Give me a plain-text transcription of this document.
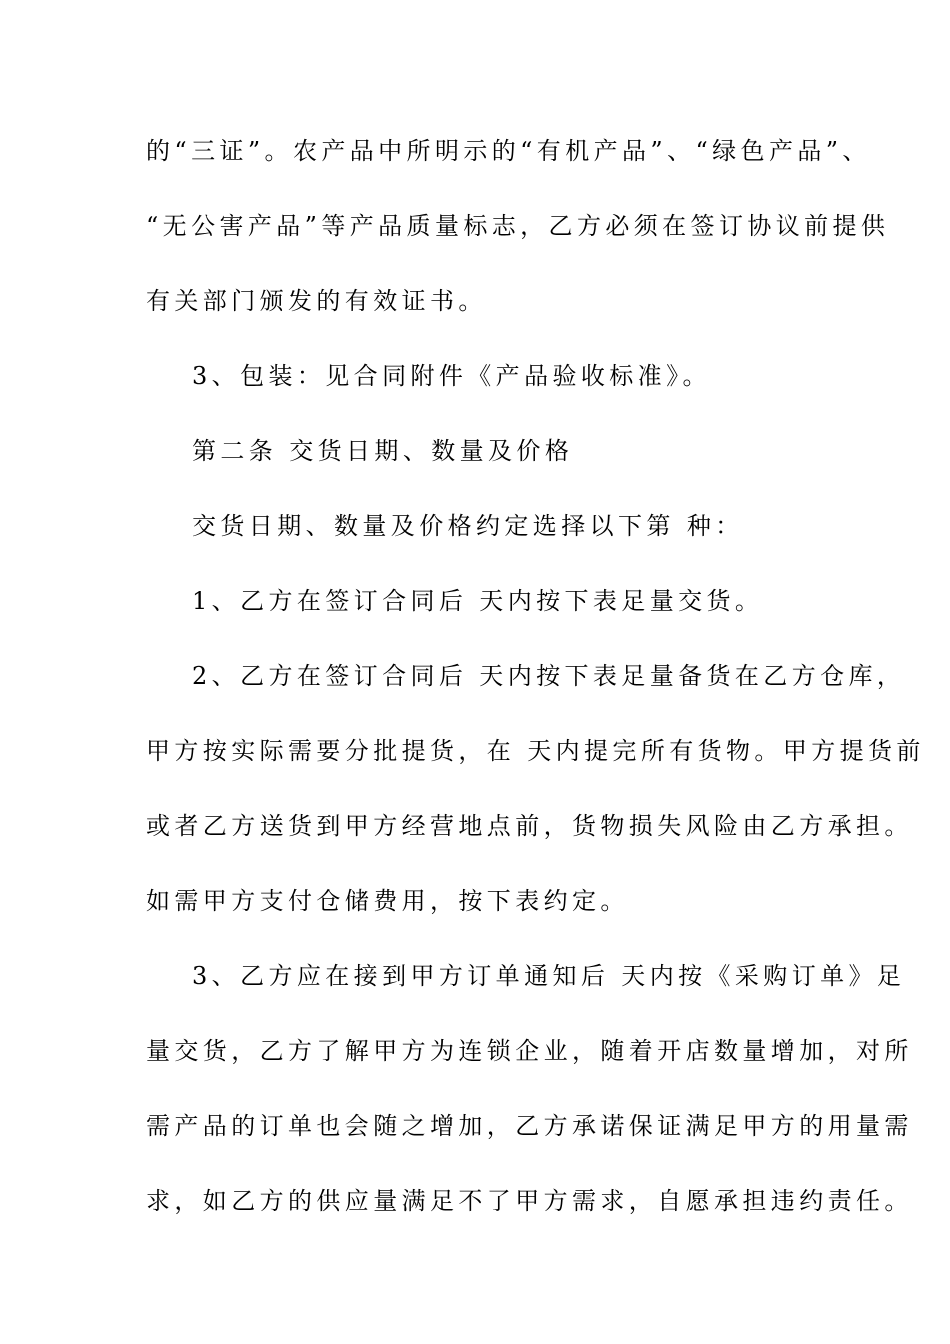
的“三证”。农产品中所明示的“有机产品”、“绿色产品”、
“无公害产品”等产品质量标志，乙方必须在签订协议前提供
有关部门颁发的有效证书。
3、包装：见合同附件《产品验收标准》。
第二条 交货日期、数量及价格
交货日期、数量及价格约定选择以下第 种：
1、乙方在签订合同后 天内按下表足量交货。
2、乙方在签订合同后 天内按下表足量备货在乙方仓库，
甲方按实际需要分批提货，在 天内提完所有货物。甲方提货前
或者乙方送货到甲方经营地点前，货物损失风险由乙方承担。
如需甲方支付仓储费用，按下表约定。
3、乙方应在接到甲方订单通知后 天内按《采购订单》足
量交货，乙方了解甲方为连锁企业，随着开店数量增加，对所
需产品的订单也会随之增加，乙方承诺保证满足甲方的用量需
求，如乙方的供应量满足不了甲方需求，自愿承担违约责任。
